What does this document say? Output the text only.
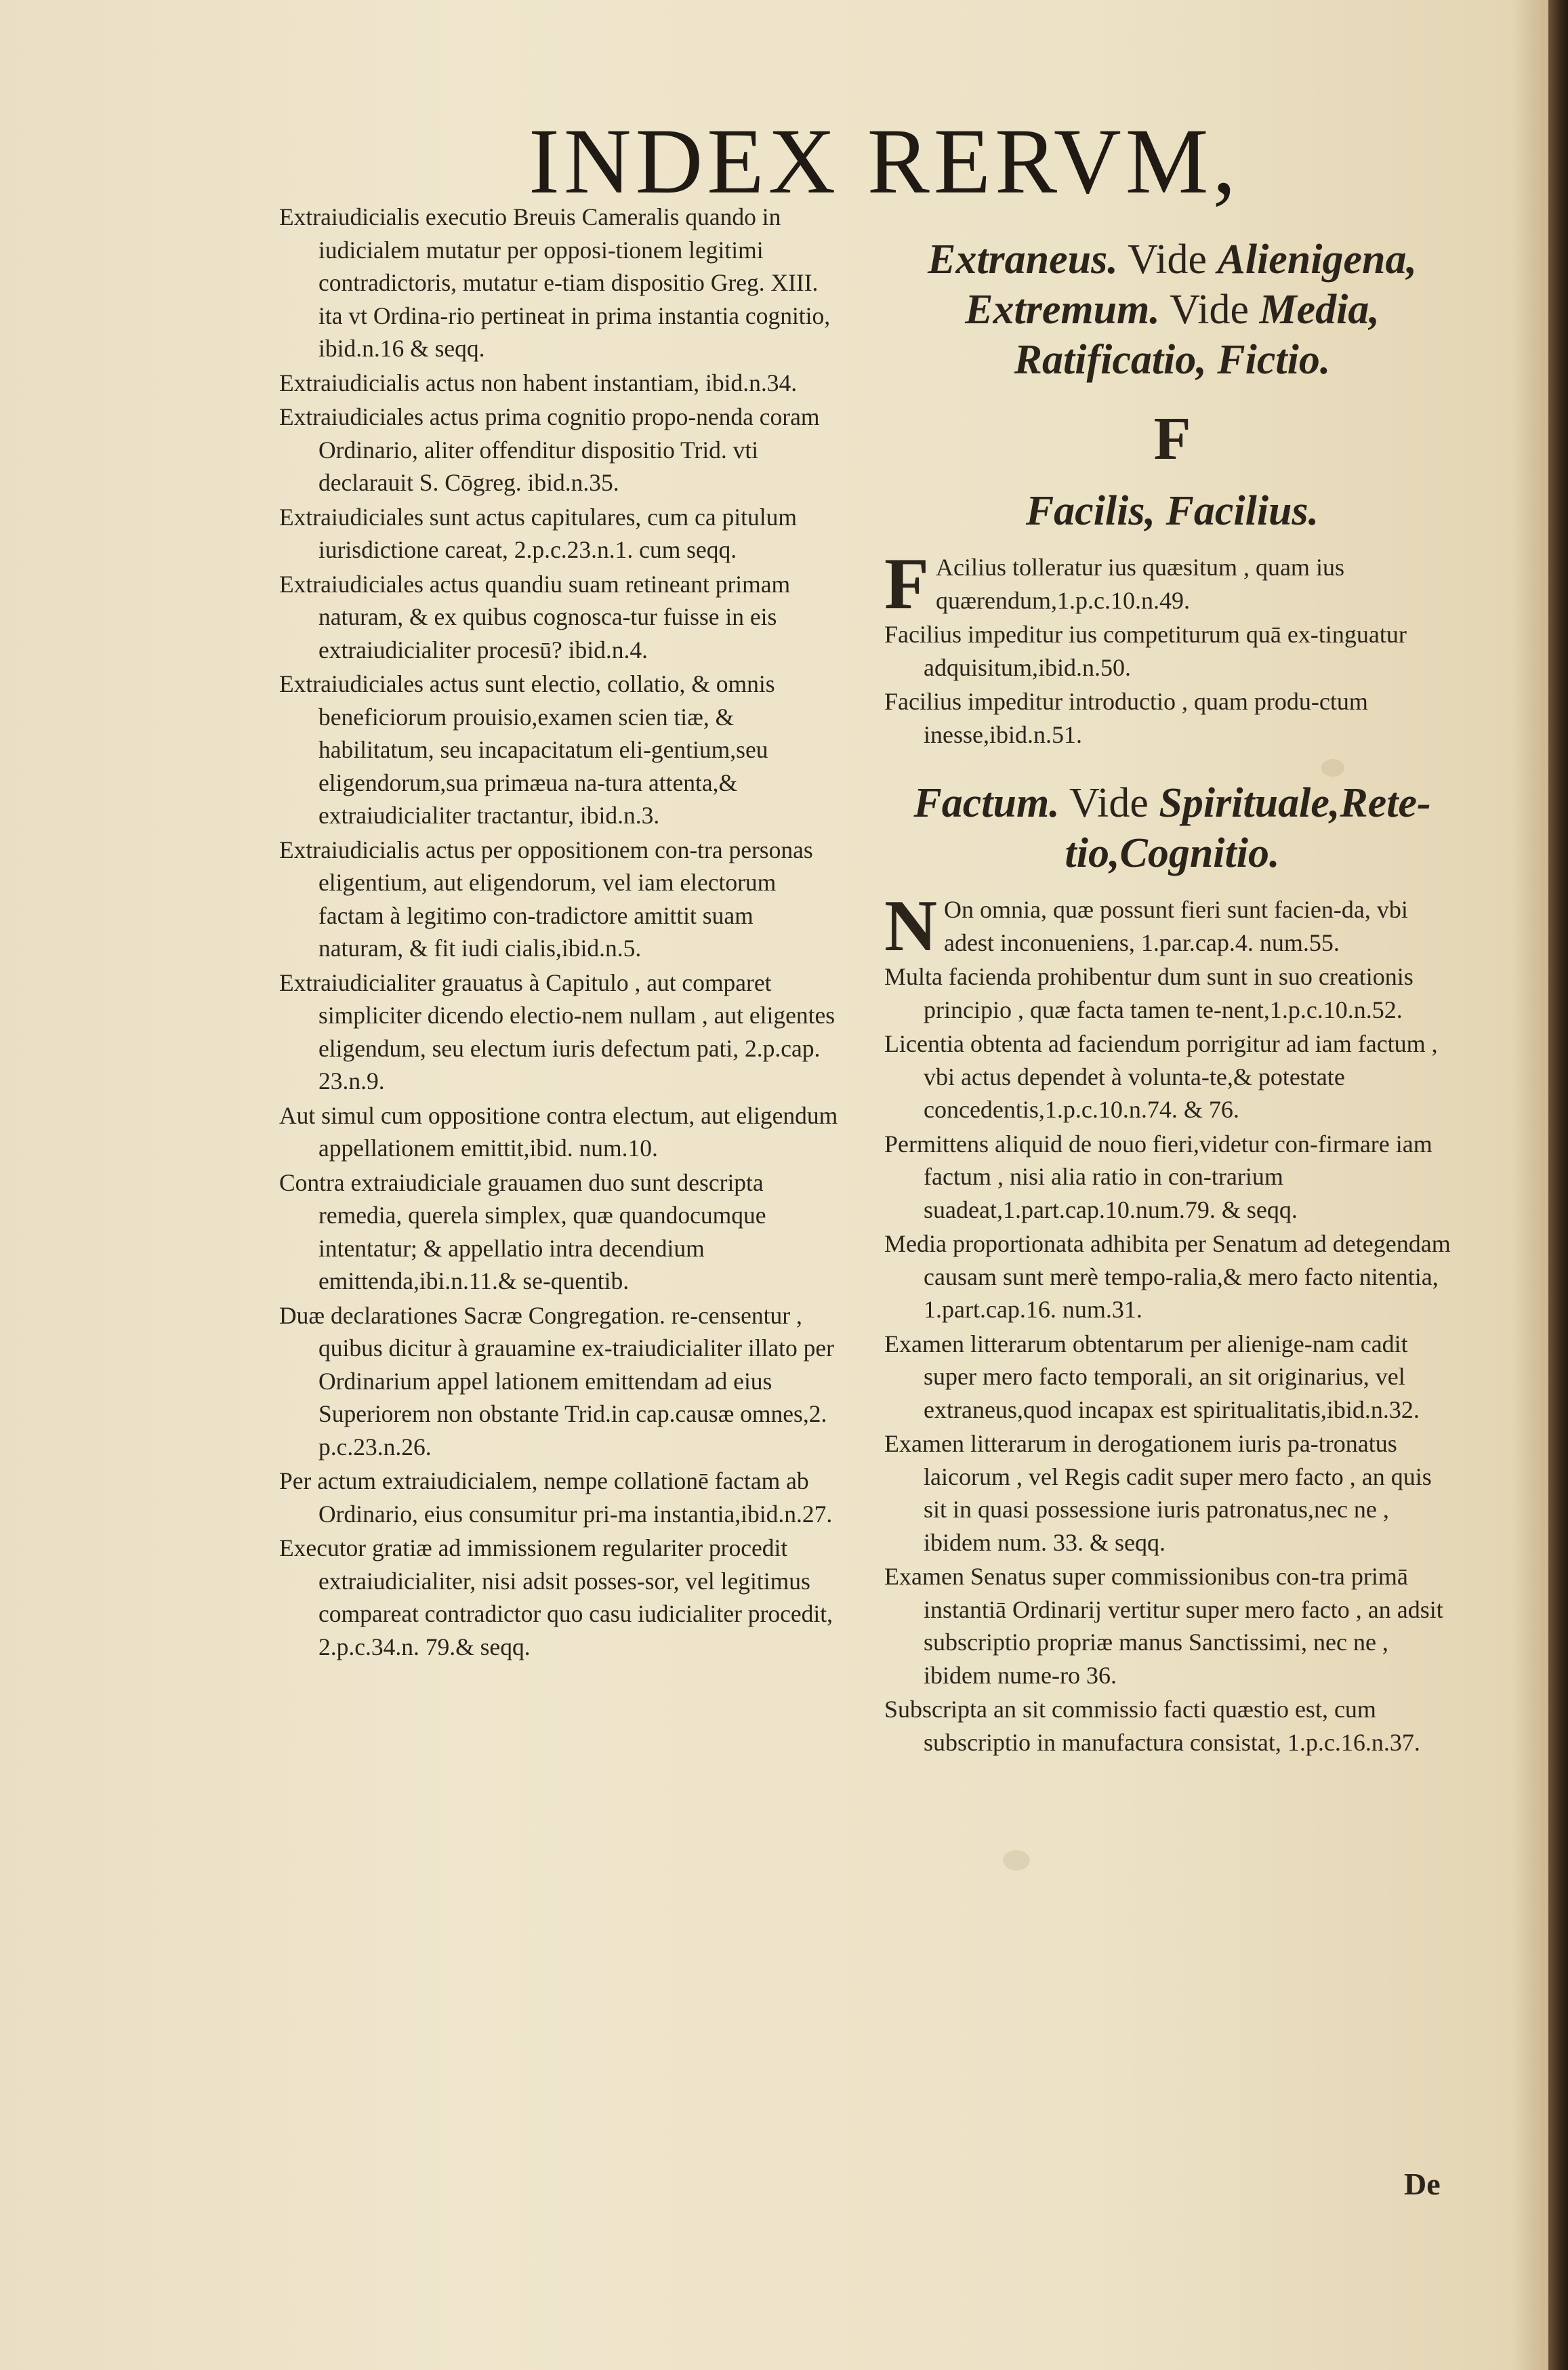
INDEX RERVM,

Extraiudicialis executio Breuis Cameralis quando in iudicialem mutatur per opposi-tionem legitimi contradictoris, mutatur e-tiam dispositio Greg. XIII. ita vt Ordina-rio pertineat in prima instantia cognitio, ibid.n.16 & seqq.

Extraiudicialis actus non habent instantiam, ibid.n.34.

Extraiudiciales actus prima cognitio propo-nenda coram Ordinario, aliter offenditur dispositio Trid. vti declarauit S. Cōgreg. ibid.n.35.

Extraiudiciales sunt actus capitulares, cum ca pitulum iurisdictione careat, 2.p.c.23.n.1. cum seqq.

Extraiudiciales actus quandiu suam retineant primam naturam, & ex quibus cognosca-tur fuisse in eis extraiudicialiter procesū? ibid.n.4.

Extraiudiciales actus sunt electio, collatio, & omnis beneficiorum prouisio,examen scien tiæ, & habilitatum, seu incapacitatum eli-gentium,seu eligendorum,sua primæua na-tura attenta,& extraiudicialiter tractantur, ibid.n.3.

Extraiudicialis actus per oppositionem con-tra personas eligentium, aut eligendorum, vel iam electorum factam à legitimo con-tradictore amittit suam naturam, & fit iudi cialis,ibid.n.5.

Extraiudicialiter grauatus à Capitulo , aut comparet simpliciter dicendo electio-nem nullam , aut eligentes eligendum, seu electum iuris defectum pati, 2.p.cap. 23.n.9.

Aut simul cum oppositione contra electum, aut eligendum appellationem emittit,ibid. num.10.

Contra extraiudiciale grauamen duo sunt descripta remedia, querela simplex, quæ quandocumque intentatur; & appellatio intra decendium emittenda,ibi.n.11.& se-quentib.

Duæ declarationes Sacræ Congregation. re-censentur , quibus dicitur à grauamine ex-traiudicialiter illato per Ordinarium appel lationem emittendam ad eius Superiorem non obstante Trid.in cap.causæ omnes,2. p.c.23.n.26.

Per actum extraiudicialem, nempe collationē factam ab Ordinario, eius consumitur pri-ma instantia,ibid.n.27.

Executor gratiæ ad immissionem regulariter procedit extraiudicialiter, nisi adsit posses-sor, vel legitimus compareat contradictor quo casu iudicialiter procedit, 2.p.c.34.n. 79.& seqq.

Extraneus. Vide Alienigena,

Extremum. Vide Media,

Ratificatio, Fictio.

F

Facilis, Facilius.

F Acilius tolleratur ius quæsitum , quam ius quærendum,1.p.c.10.n.49.

Facilius impeditur ius competiturum quā ex-tinguatur adquisitum,ibid.n.50.

Facilius impeditur introductio , quam produ-ctum inesse,ibid.n.51.

Factum. Vide Spirituale,Rete-tio,Cognitio.

N On omnia, quæ possunt fieri sunt facien-da, vbi adest inconueniens, 1.par.cap.4. num.55.

Multa facienda prohibentur dum sunt in suo creationis principio , quæ facta tamen te-nent,1.p.c.10.n.52.

Licentia obtenta ad faciendum porrigitur ad iam factum , vbi actus dependet à volunta-te,& potestate concedentis,1.p.c.10.n.74. & 76.

Permittens aliquid de nouo fieri,videtur con-firmare iam factum , nisi alia ratio in con-trarium suadeat,1.part.cap.10.num.79. & seqq.

Media proportionata adhibita per Senatum ad detegendam causam sunt merè tempo-ralia,& mero facto nitentia, 1.part.cap.16. num.31.

Examen litterarum obtentarum per alienige-nam cadit super mero facto temporali, an sit originarius, vel extraneus,quod incapax est spiritualitatis,ibid.n.32.

Examen litterarum in derogationem iuris pa-tronatus laicorum , vel Regis cadit super mero facto , an quis sit in quasi possessione iuris patronatus,nec ne , ibidem num. 33. & seqq.

Examen Senatus super commissionibus con-tra primā instantiā Ordinarij vertitur super mero facto , an adsit subscriptio propriæ manus Sanctissimi, nec ne , ibidem nume-ro 36.

Subscripta an sit commissio facti quæstio est, cum subscriptio in manufactura consistat, 1.p.c.16.n.37.

De
